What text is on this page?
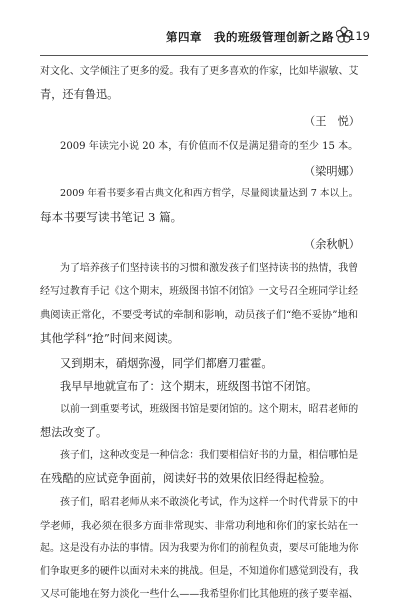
第四章　我的班级管理创新之路 119
对文化、文学倾注了更多的爱。我有了更多喜欢的作家，比如毕淑敏、艾
青，还有鲁迅。
（王　悦）
2009 年读完小说 20 本，有价值而不仅是满足猎奇的至少 15 本。
（梁明娜）
2009 年看书要多看古典文化和西方哲学，尽量阅读量达到 7 本以上。
每本书要写读书笔记 3 篇。
（余秋帆）
为了培养孩子们坚持读书的习惯和激发孩子们坚持读书的热情，我曾
经写过教育手记《这个期末，班级图书馆不闭馆》一文号召全班同学让经
典阅读正常化，不要受考试的牵制和影响，动员孩子们“绝不妥协”地和
其他学科“抢”时间来阅读。
又到期末，硝烟弥漫，同学们都磨刀霍霍。
我早早地就宣布了：这个期末，班级图书馆不闭馆。
以前一到重要考试，班级图书馆是要闭馆的。这个期末，昭君老师的
想法改变了。
孩子们，这种改变是一种信念：我们要相信好书的力量，相信哪怕是
在残酷的应试竞争面前，阅读好书的效果依旧经得起检验。
孩子们，昭君老师从来不敢淡化考试，作为这样一个时代背景下的中
学老师，我必须在很多方面非常现实、非常功利地和你们的家长站在一
起。这是没有办法的事情。因为我要为你们的前程负责，要尽可能地为你
们争取更多的硬件以面对未来的挑战。但是，不知道你们感觉到没有，我
又尽可能地在努力淡化一些什么——我希望你们比其他班的孩子要幸福、
